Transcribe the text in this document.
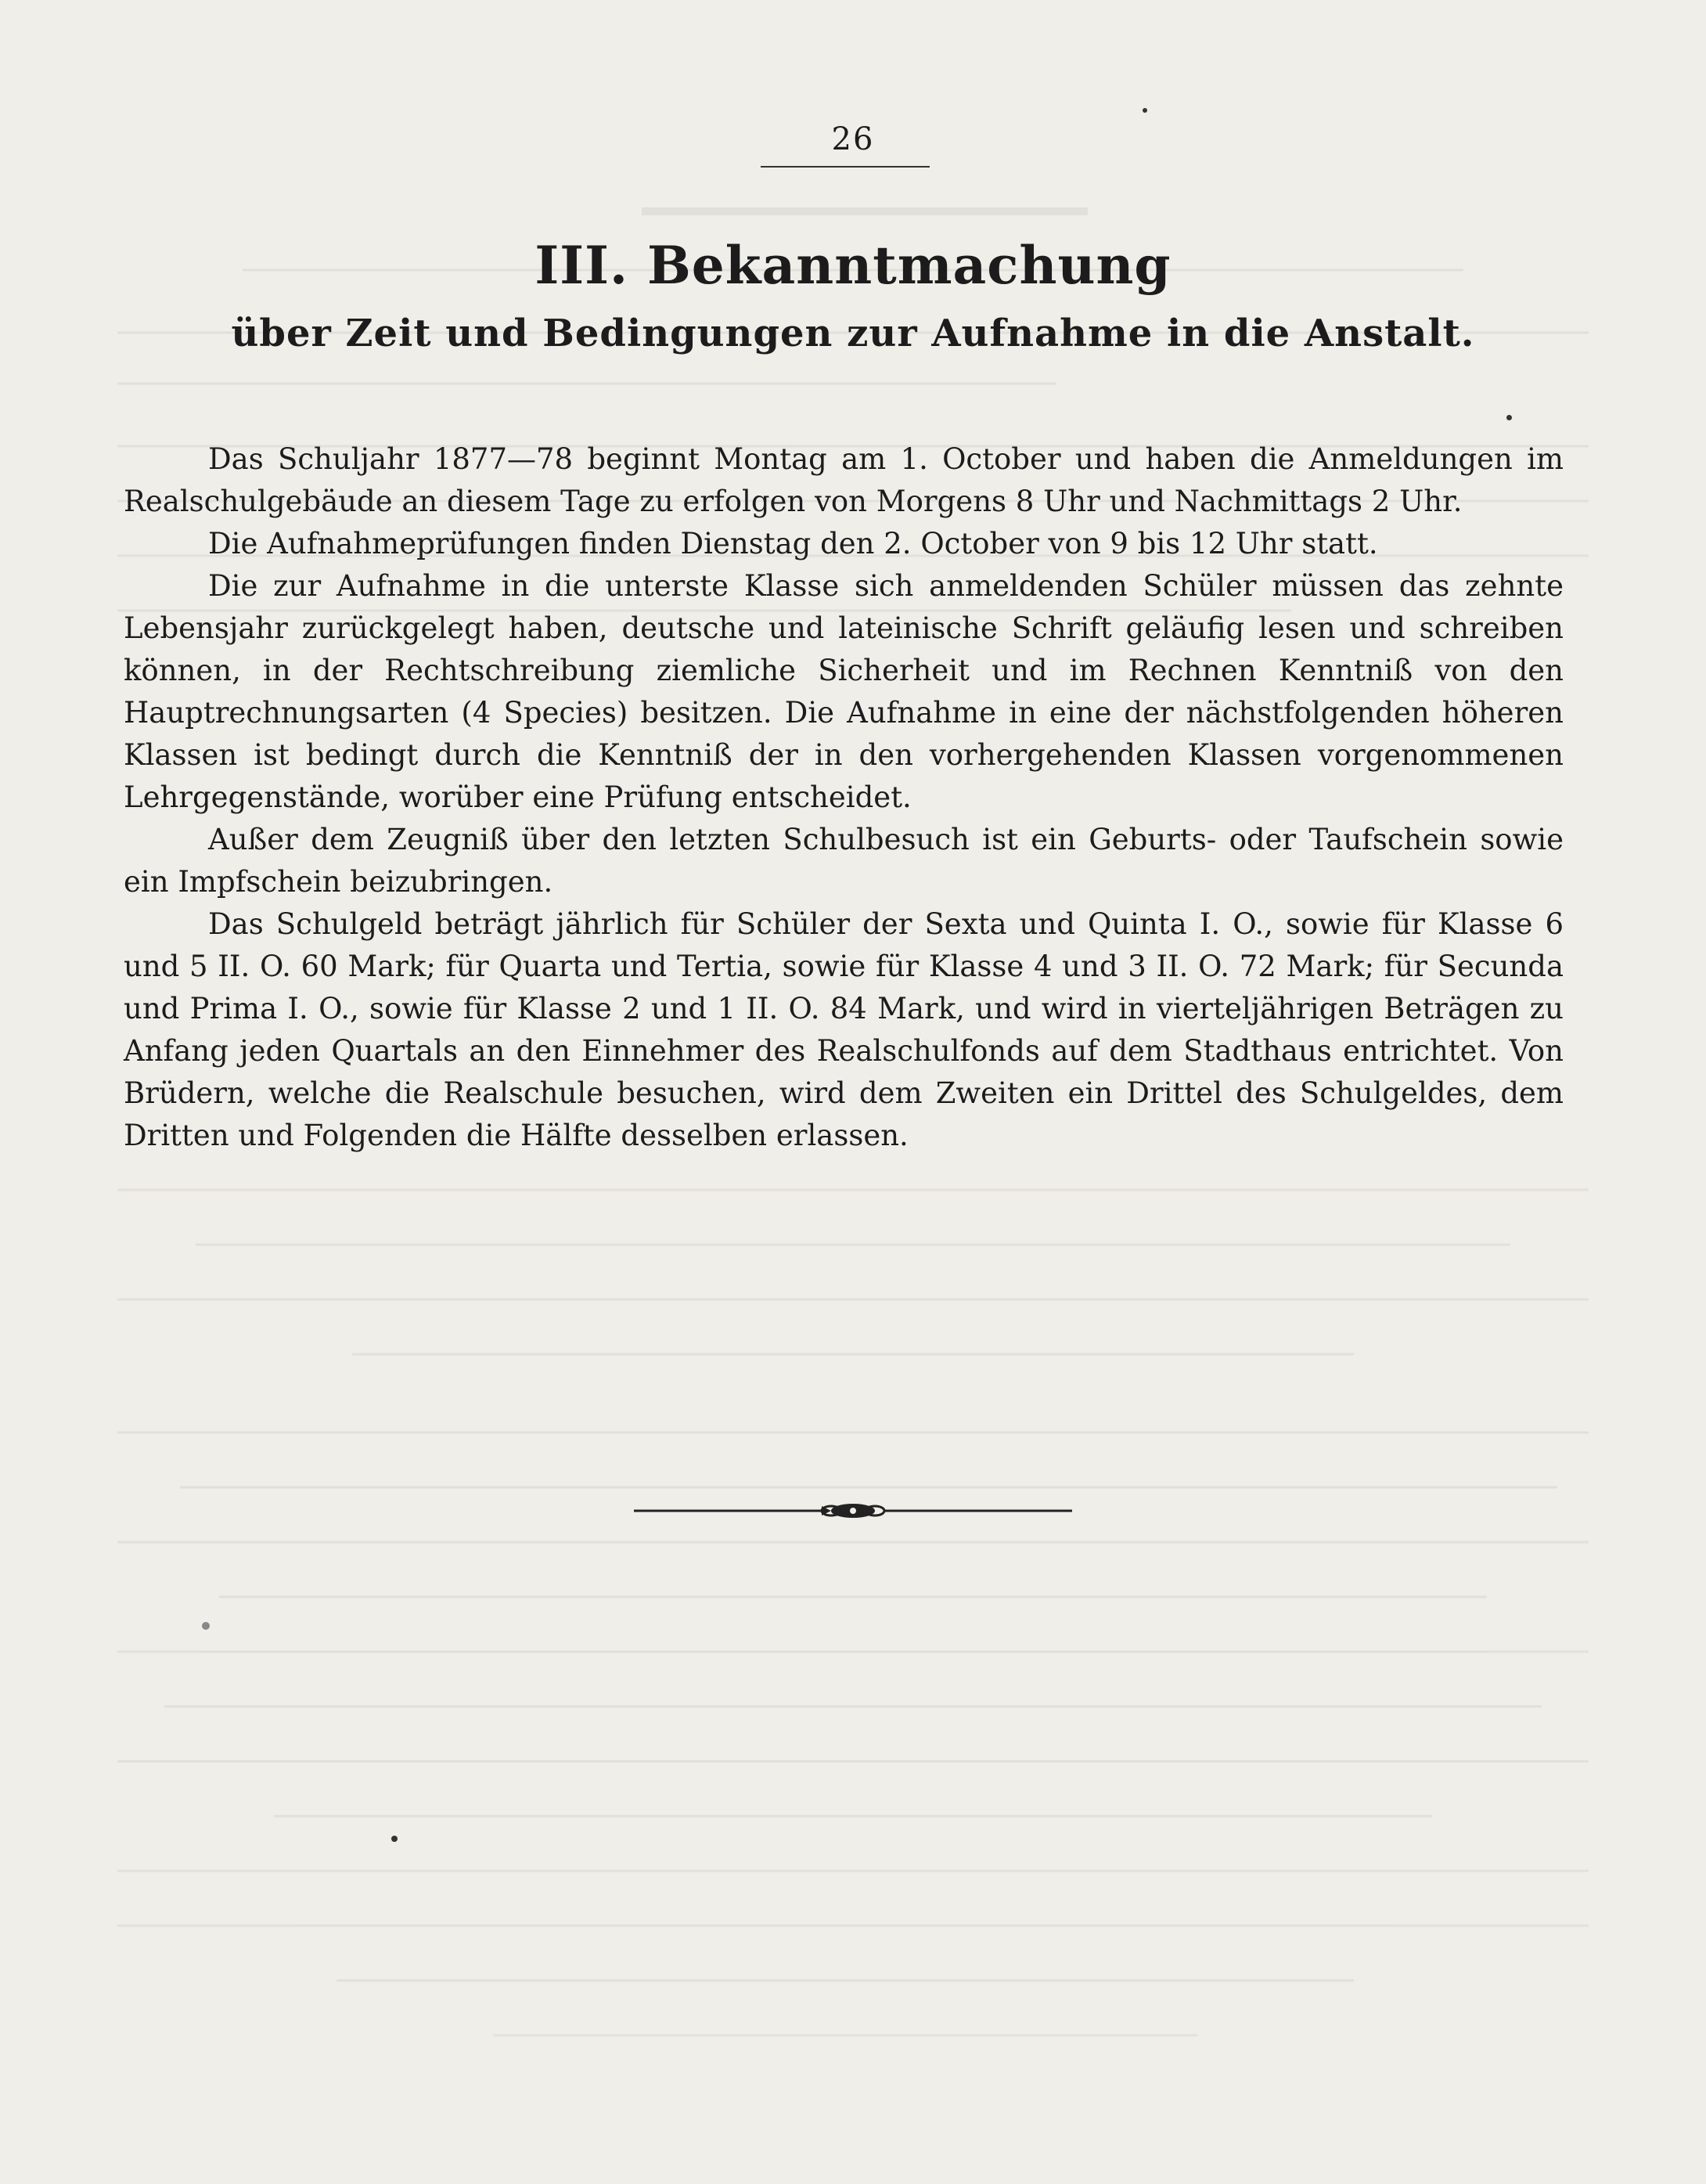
26
III. Bekanntmachung
über Zeit und Bedingungen zur Aufnahme in die Anstalt.

Das Schuljahr 1877—78 beginnt Montag am 1. October und haben die Anmeldungen im Realschulgebäude an diesem Tage zu erfolgen von Morgens 8 Uhr und Nachmittags 2 Uhr.

Die Aufnahmeprüfungen finden Dienstag den 2. October von 9 bis 12 Uhr statt.

Die zur Aufnahme in die unterste Klasse sich anmeldenden Schüler müssen das zehnte Lebensjahr zurückgelegt haben, deutsche und lateinische Schrift geläufig lesen und schreiben können, in der Rechtschreibung ziemliche Sicherheit und im Rechnen Kenntniß von den Hauptrechnungsarten (4 Species) besitzen. Die Aufnahme in eine der nächstfolgenden höheren Klassen ist bedingt durch die Kenntniß der in den vorhergehenden Klassen vorgenommenen Lehrgegenstände, worüber eine Prüfung entscheidet.

Außer dem Zeugniß über den letzten Schulbesuch ist ein Geburts- oder Taufschein sowie ein Impfschein beizubringen.

Das Schulgeld beträgt jährlich für Schüler der Sexta und Quinta I. O., sowie für Klasse 6 und 5 II. O. 60 Mark; für Quarta und Tertia, sowie für Klasse 4 und 3 II. O. 72 Mark; für Secunda und Prima I. O., sowie für Klasse 2 und 1 II. O. 84 Mark, und wird in vierteljährigen Beträgen zu Anfang jeden Quartals an den Einnehmer des Realschulfonds auf dem Stadthaus entrichtet. Von Brüdern, welche die Realschule besuchen, wird dem Zweiten ein Drittel des Schulgeldes, dem Dritten und Folgenden die Hälfte desselben erlassen.
